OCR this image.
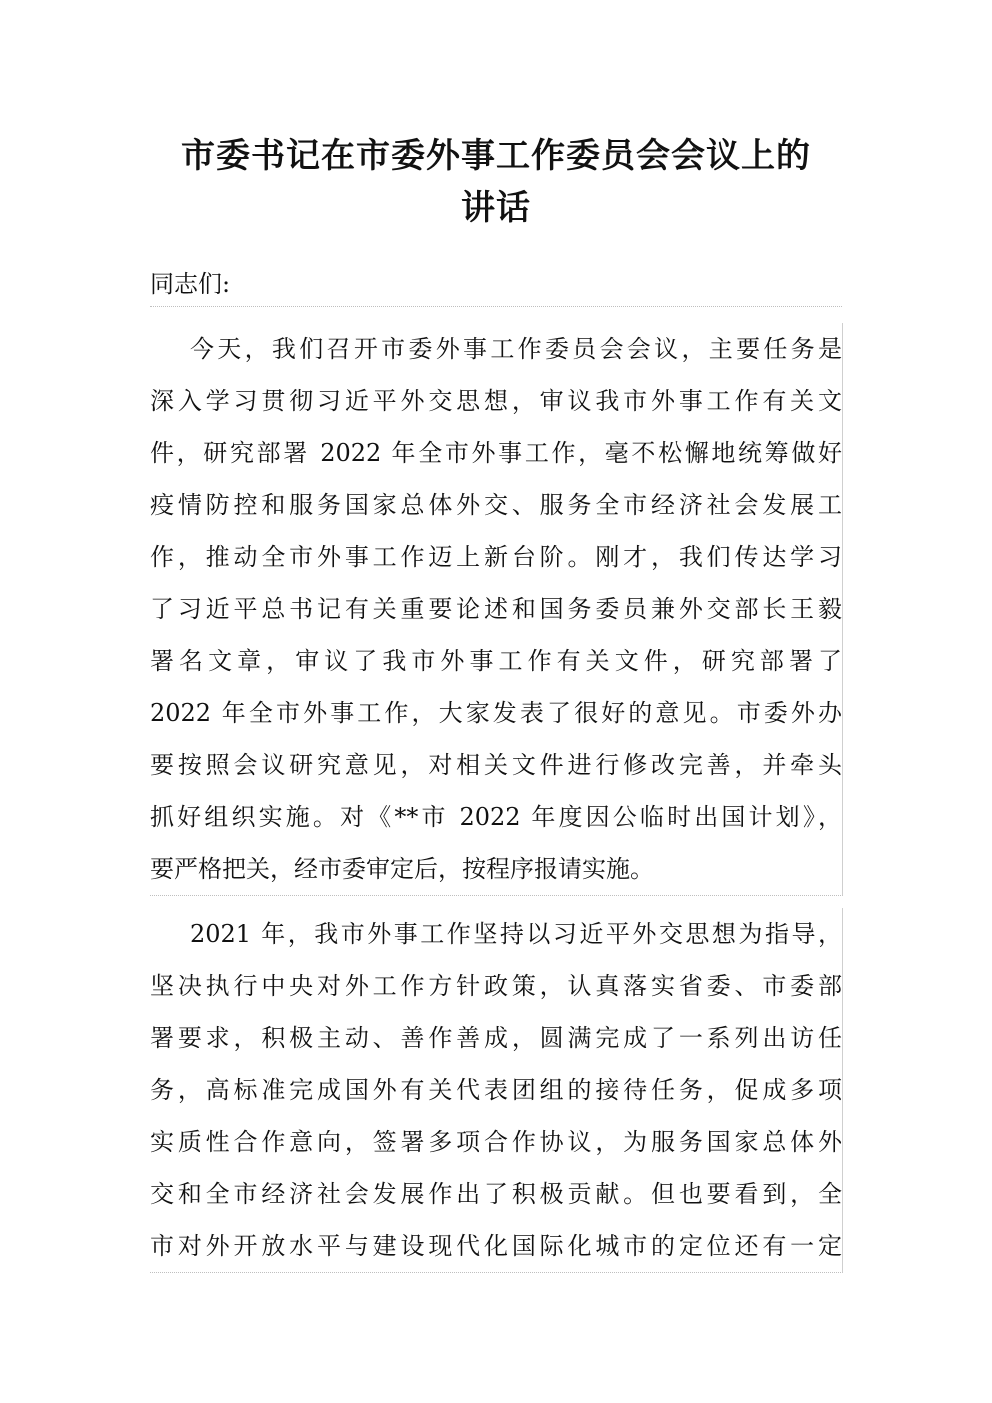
市委书记在市委外事工作委员会会议上的
讲话
同志们:
今天，我们召开市委外事工作委员会会议，主要任务是
深入学习贯彻习近平外交思想，审议我市外事工作有关文
件，研究部署 2022 年全市外事工作，毫不松懈地统筹做好
疫情防控和服务国家总体外交、服务全市经济社会发展工
作，推动全市外事工作迈上新台阶。刚才，我们传达学习
了习近平总书记有关重要论述和国务委员兼外交部长王毅
署名文章，审议了我市外事工作有关文件，研究部署了
2022 年全市外事工作，大家发表了很好的意见。市委外办
要按照会议研究意见，对相关文件进行修改完善，并牵头
抓好组织实施。对《**市 2022 年度因公临时出国计划》，
要严格把关，经市委审定后，按程序报请实施。
2021 年，我市外事工作坚持以习近平外交思想为指导，
坚决执行中央对外工作方针政策，认真落实省委、市委部
署要求，积极主动、善作善成，圆满完成了一系列出访任
务，高标准完成国外有关代表团组的接待任务，促成多项
实质性合作意向，签署多项合作协议，为服务国家总体外
交和全市经济社会发展作出了积极贡献。但也要看到，全
市对外开放水平与建设现代化国际化城市的定位还有一定
